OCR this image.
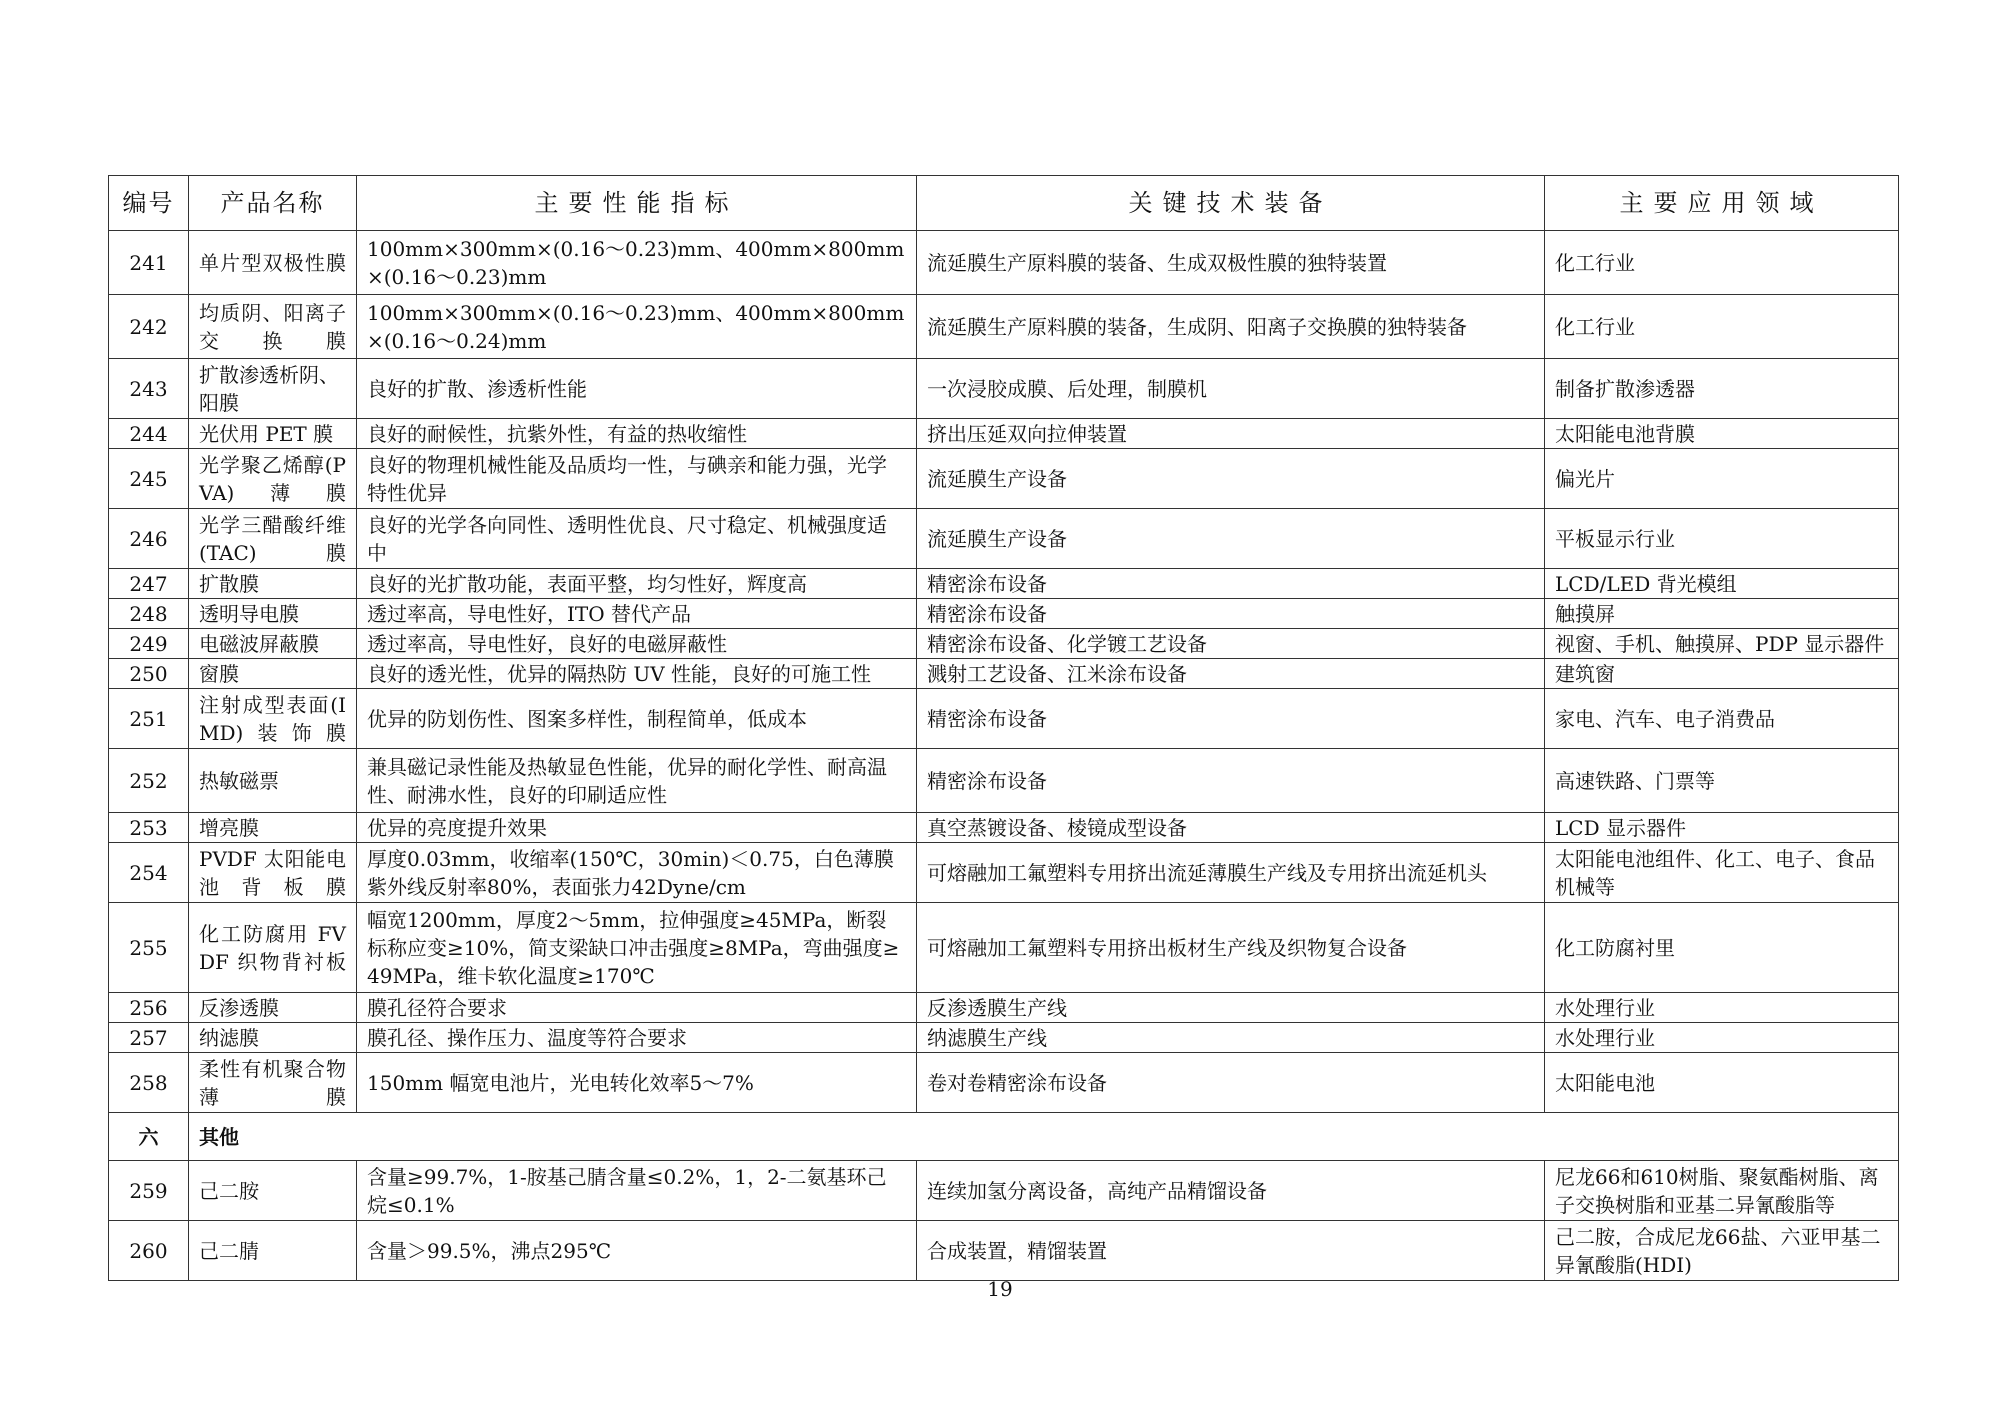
编号	产品名称	主要性能指标	关键技术装备	主要应用领域
241	单片型双极性膜	100mm×300mm×(0.16～0.23)mm、400mm×800mm×(0.16～0.23)mm	流延膜生产原料膜的装备、生成双极性膜的独特装置	化工行业
242	均质阴、阳离子交换膜	100mm×300mm×(0.16～0.23)mm、400mm×800mm×(0.16～0.24)mm	流延膜生产原料膜的装备，生成阴、阳离子交换膜的独特装备	化工行业
243	扩散渗透析阴、阳膜	良好的扩散、渗透析性能	一次浸胶成膜、后处理，制膜机	制备扩散渗透器
244	光伏用 PET 膜	良好的耐候性，抗紫外性，有益的热收缩性	挤出压延双向拉伸装置	太阳能电池背膜
245	光学聚乙烯醇(PVA)薄膜	良好的物理机械性能及品质均一性，与碘亲和能力强，光学特性优异	流延膜生产设备	偏光片
246	光学三醋酸纤维(TAC)膜	良好的光学各向同性、透明性优良、尺寸稳定、机械强度适中	流延膜生产设备	平板显示行业
247	扩散膜	良好的光扩散功能，表面平整，均匀性好，辉度高	精密涂布设备	LCD/LED 背光模组
248	透明导电膜	透过率高，导电性好，ITO 替代产品	精密涂布设备	触摸屏
249	电磁波屏蔽膜	透过率高，导电性好，良好的电磁屏蔽性	精密涂布设备、化学镀工艺设备	视窗、手机、触摸屏、PDP 显示器件
250	窗膜	良好的透光性，优异的隔热防 UV 性能，良好的可施工性	溅射工艺设备、江米涂布设备	建筑窗
251	注射成型表面(IMD)装饰膜	优异的防划伤性、图案多样性，制程简单，低成本	精密涂布设备	家电、汽车、电子消费品
252	热敏磁票	兼具磁记录性能及热敏显色性能，优异的耐化学性、耐高温性、耐沸水性，良好的印刷适应性	精密涂布设备	高速铁路、门票等
253	增亮膜	优异的亮度提升效果	真空蒸镀设备、棱镜成型设备	LCD 显示器件
254	PVDF 太阳能电池背板膜	厚度0.03mm，收缩率(150℃，30min)＜0.75，白色薄膜紫外线反射率80%，表面张力42Dyne/cm	可熔融加工氟塑料专用挤出流延薄膜生产线及专用挤出流延机头	太阳能电池组件、化工、电子、食品机械等
255	化工防腐用 FVDF 织物背衬板	幅宽1200mm，厚度2～5mm，拉伸强度≥45MPa，断裂标称应变≥10%，简支梁缺口冲击强度≥8MPa，弯曲强度≥49MPa，维卡软化温度≥170℃	可熔融加工氟塑料专用挤出板材生产线及织物复合设备	化工防腐衬里
256	反渗透膜	膜孔径符合要求	反渗透膜生产线	水处理行业
257	纳滤膜	膜孔径、操作压力、温度等符合要求	纳滤膜生产线	水处理行业
258	柔性有机聚合物薄膜	150mm 幅宽电池片，光电转化效率5～7%	卷对卷精密涂布设备	太阳能电池
六	其他			
259	己二胺	含量≥99.7%，1-胺基己腈含量≤0.2%，1，2-二氨基环己烷≤0.1%	连续加氢分离设备，高纯产品精馏设备	尼龙66和610树脂、聚氨酯树脂、离子交换树脂和亚基二异氰酸脂等
260	己二腈	含量＞99.5%，沸点295℃	合成装置，精馏装置	己二胺，合成尼龙66盐、六亚甲基二异氰酸脂(HDI)
19
